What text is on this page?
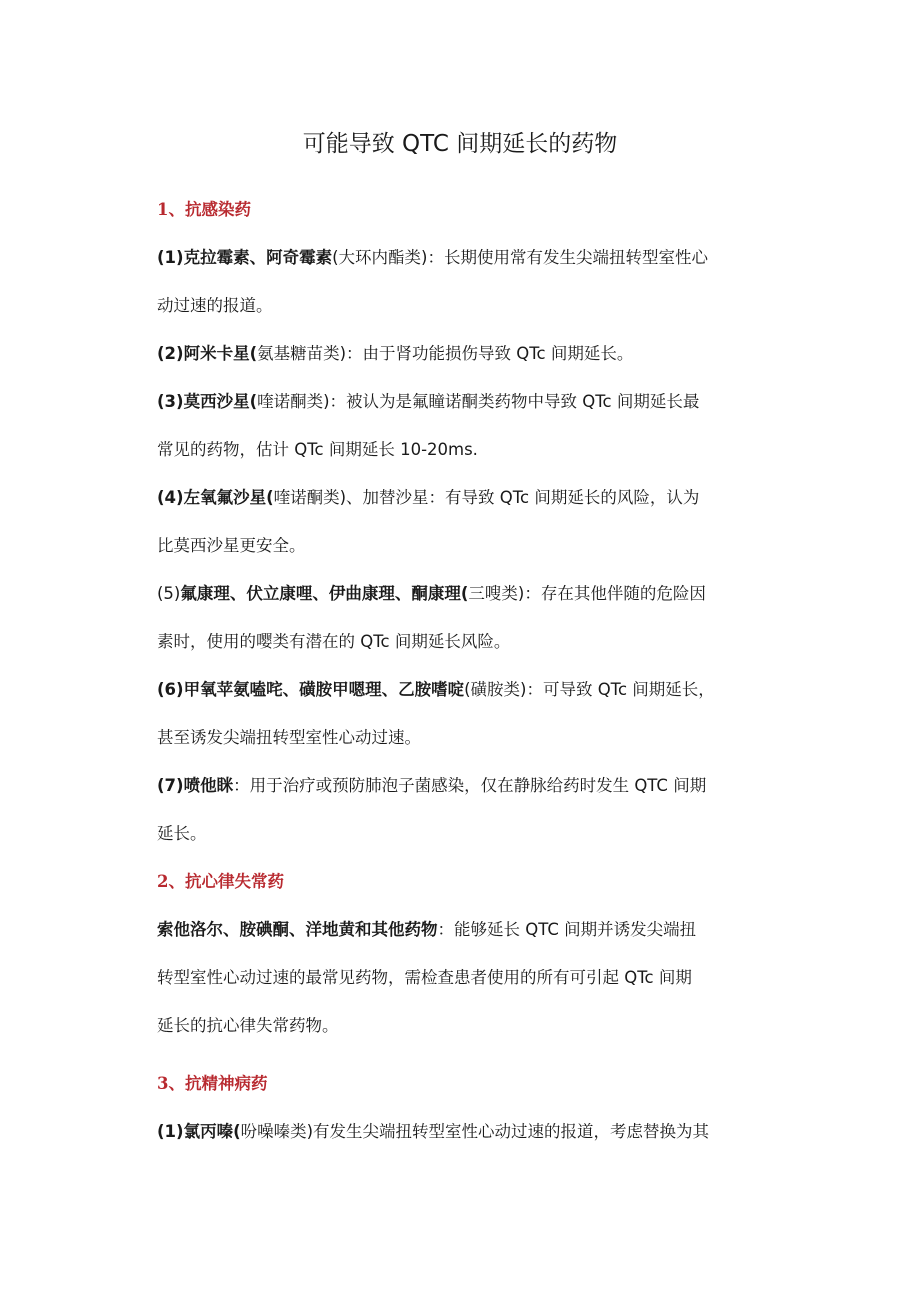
可能导致 QTC 间期延长的药物
1、抗感染药

(1)克拉霉素、阿奇霉素(大环内酯类)：长期使用常有发生尖端扭转型室性心
动过速的报道。

(2)阿米卡星(氨基糖苗类)：由于肾功能损伤导致 QTc 间期延长。

(3)莫西沙星(喹诺酮类)：被认为是氟瞳诺酮类药物中导致 QTc 间期延长最
常见的药物，估计 QTc 间期延长 10-20ms.

(4)左氧氟沙星(喹诺酮类)、加替沙星：有导致 QTc 间期延长的风险，认为
比莫西沙星更安全。

(5)氟康理、伏立康哩、伊曲康理、酮康理(三嗖类)：存在其他伴随的危险因
素时，使用的嘤类有潜在的 QTc 间期延长风险。

(6)甲氧苹氨嗑咤、磺胺甲嗯理、乙胺嗜啶(磺胺类)：可导致 QTc 间期延长，
甚至诱发尖端扭转型室性心动过速。

(7)喷他眯：用于治疗或预防肺泡子菌感染，仅在静脉给药时发生 QTC 间期
延长。

2、抗心律失常药

索他洛尔、胺碘酮、洋地黄和其他药物：能够延长 QTC 间期并诱发尖端扭
转型室性心动过速的最常见药物，需检查患者使用的所有可引起 QTc 间期
延长的抗心律失常药物。

3、抗精神病药

(1)氯丙嗪(吩噪嗪类)有发生尖端扭转型室性心动过速的报道，考虑替换为其
